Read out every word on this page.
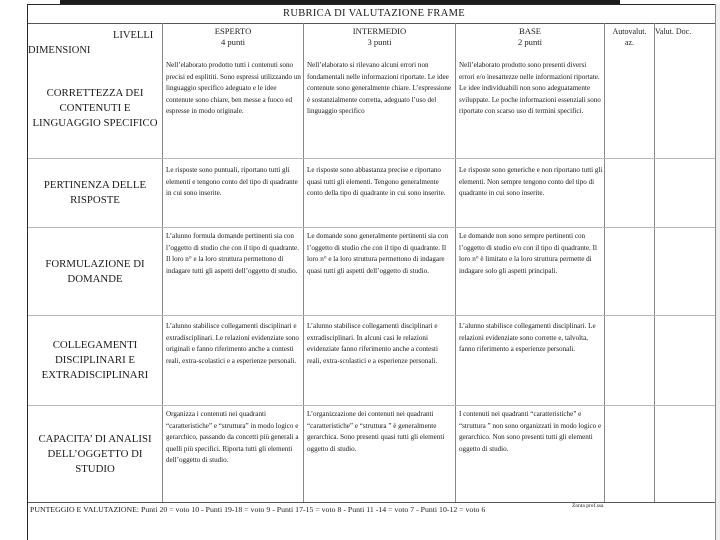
RUBRICA DI VALUTAZIONE FRAME
LIVELLI
DIMENSIONI
ESPERTO
4 punti
INTERMEDIO
3 punti
BASE
2 punti
Autovalut.
az.
Valut. Doc.
CORRETTEZZA DEI CONTENUTI E LINGUAGGIO SPECIFICO
Nell’elaborato prodotto tutti i contenuti sono precisi ed esplititi. Sono espressi utilizzando un linguaggio specifico adeguato e le idee contenute sono chiare, ben messe a fuoco ed espresse in modo originale.
Nell’elaborato si rilevano alcuni errori non fondamentali nelle informazioni riportate. Le idee contenute sono generalmente chiare. L’espressione è sostanzialmente corretta, adeguato l’uso del linguaggio specifico
Nell’elaborato prodotto sono presenti diversi errori e/o inesattezze nelle informazioni riportate. Le idee individuabili non sono adeguatamente sviluppate. Le poche informazioni essenziali sono riportate con scarso uso di termini specifici.
PERTINENZA DELLE RISPOSTE
Le risposte sono puntuali, riportano tutti gli elementi e tengono conto del tipo di quadrante in cui sono inserite.
Le risposte sono abbastanza precise e riportano quasi tutti gli elementi. Tengono generalmente conto della tipo di quadrante in cui sono inserite.
Le risposte sono generiche e non riportano tutti gli elementi. Non sempre tengono conto del tipo di quadrante in cui sono inserite.
FORMULAZIONE DI DOMANDE
L’alunno formula domande pertinenti sia con l’oggetto di studio che con il tipo di quadrante. Il loro n° e la loro struttura permettono di indagare tutti gli aspetti dell’oggetto di studio.
Le domande sono generalmente pertinenti sia con l’oggetto di studio che con il tipo di quadrante. Il loro n° e la loro struttura permettono di indagare quasi tutti gli aspetti dell’oggetto di studio.
Le domande non sono sempre pertinenti con l’oggetto di studio e/o con il tipo di quadrante. Il loro n° è limitato e la loro struttura permette di indagare solo gli aspetti principali.
COLLEGAMENTI DISCIPLINARI E EXTRADISCIPLINARI
L’alunno stabilisce collegamenti disciplinari e extradisciplinari. Le relazioni evidenziate sono originali e fanno riferimento anche a contesti reali, extra-scolastici e a esperienze personali.
L’alunno stabilisce collegamenti disciplinari e extradisciplinari. In alcuni casi le relazioni evidenziate fanno riferimento anche a contesti reali, extra-scolastici e a esperienze personali.
L’alunno stabilisce collegamenti disciplinari. Le relazioni evidenziate sono corrette e, talvolta, fanno riferimento a esperienze personali.
CAPACITA’ DI ANALISI DELL’OGGETTO DI STUDIO
Organizza i contenuti nei quadranti “caratteristiche” e “struttura” in modo logico e gerarchico, passando da concetti più generali a quelli più specifici. Riporta tutti gli elementi dell’oggetto di studio.
L’organizzazione dei contenuti nei quadranti “caratteristiche” e “struttura ” è generalmente gerarchica. Sono presenti quasi tutti gli elementi oggetto di studio.
I contenuti nei quadranti “caratteristiche” e “struttura ” non sono organizzati in modo logico e gerarchico. Non sono presenti tutti gli elementi oggetto di studio.
PUNTEGGIO E VALUTAZIONE: Punti 20 = voto 10 - Punti 19-18 = voto 9 - Punti 17-15 = voto 8 - Punti 11 -14 = voto 7 - Punti 10-12 = voto 6	Zonta prof.ssa
